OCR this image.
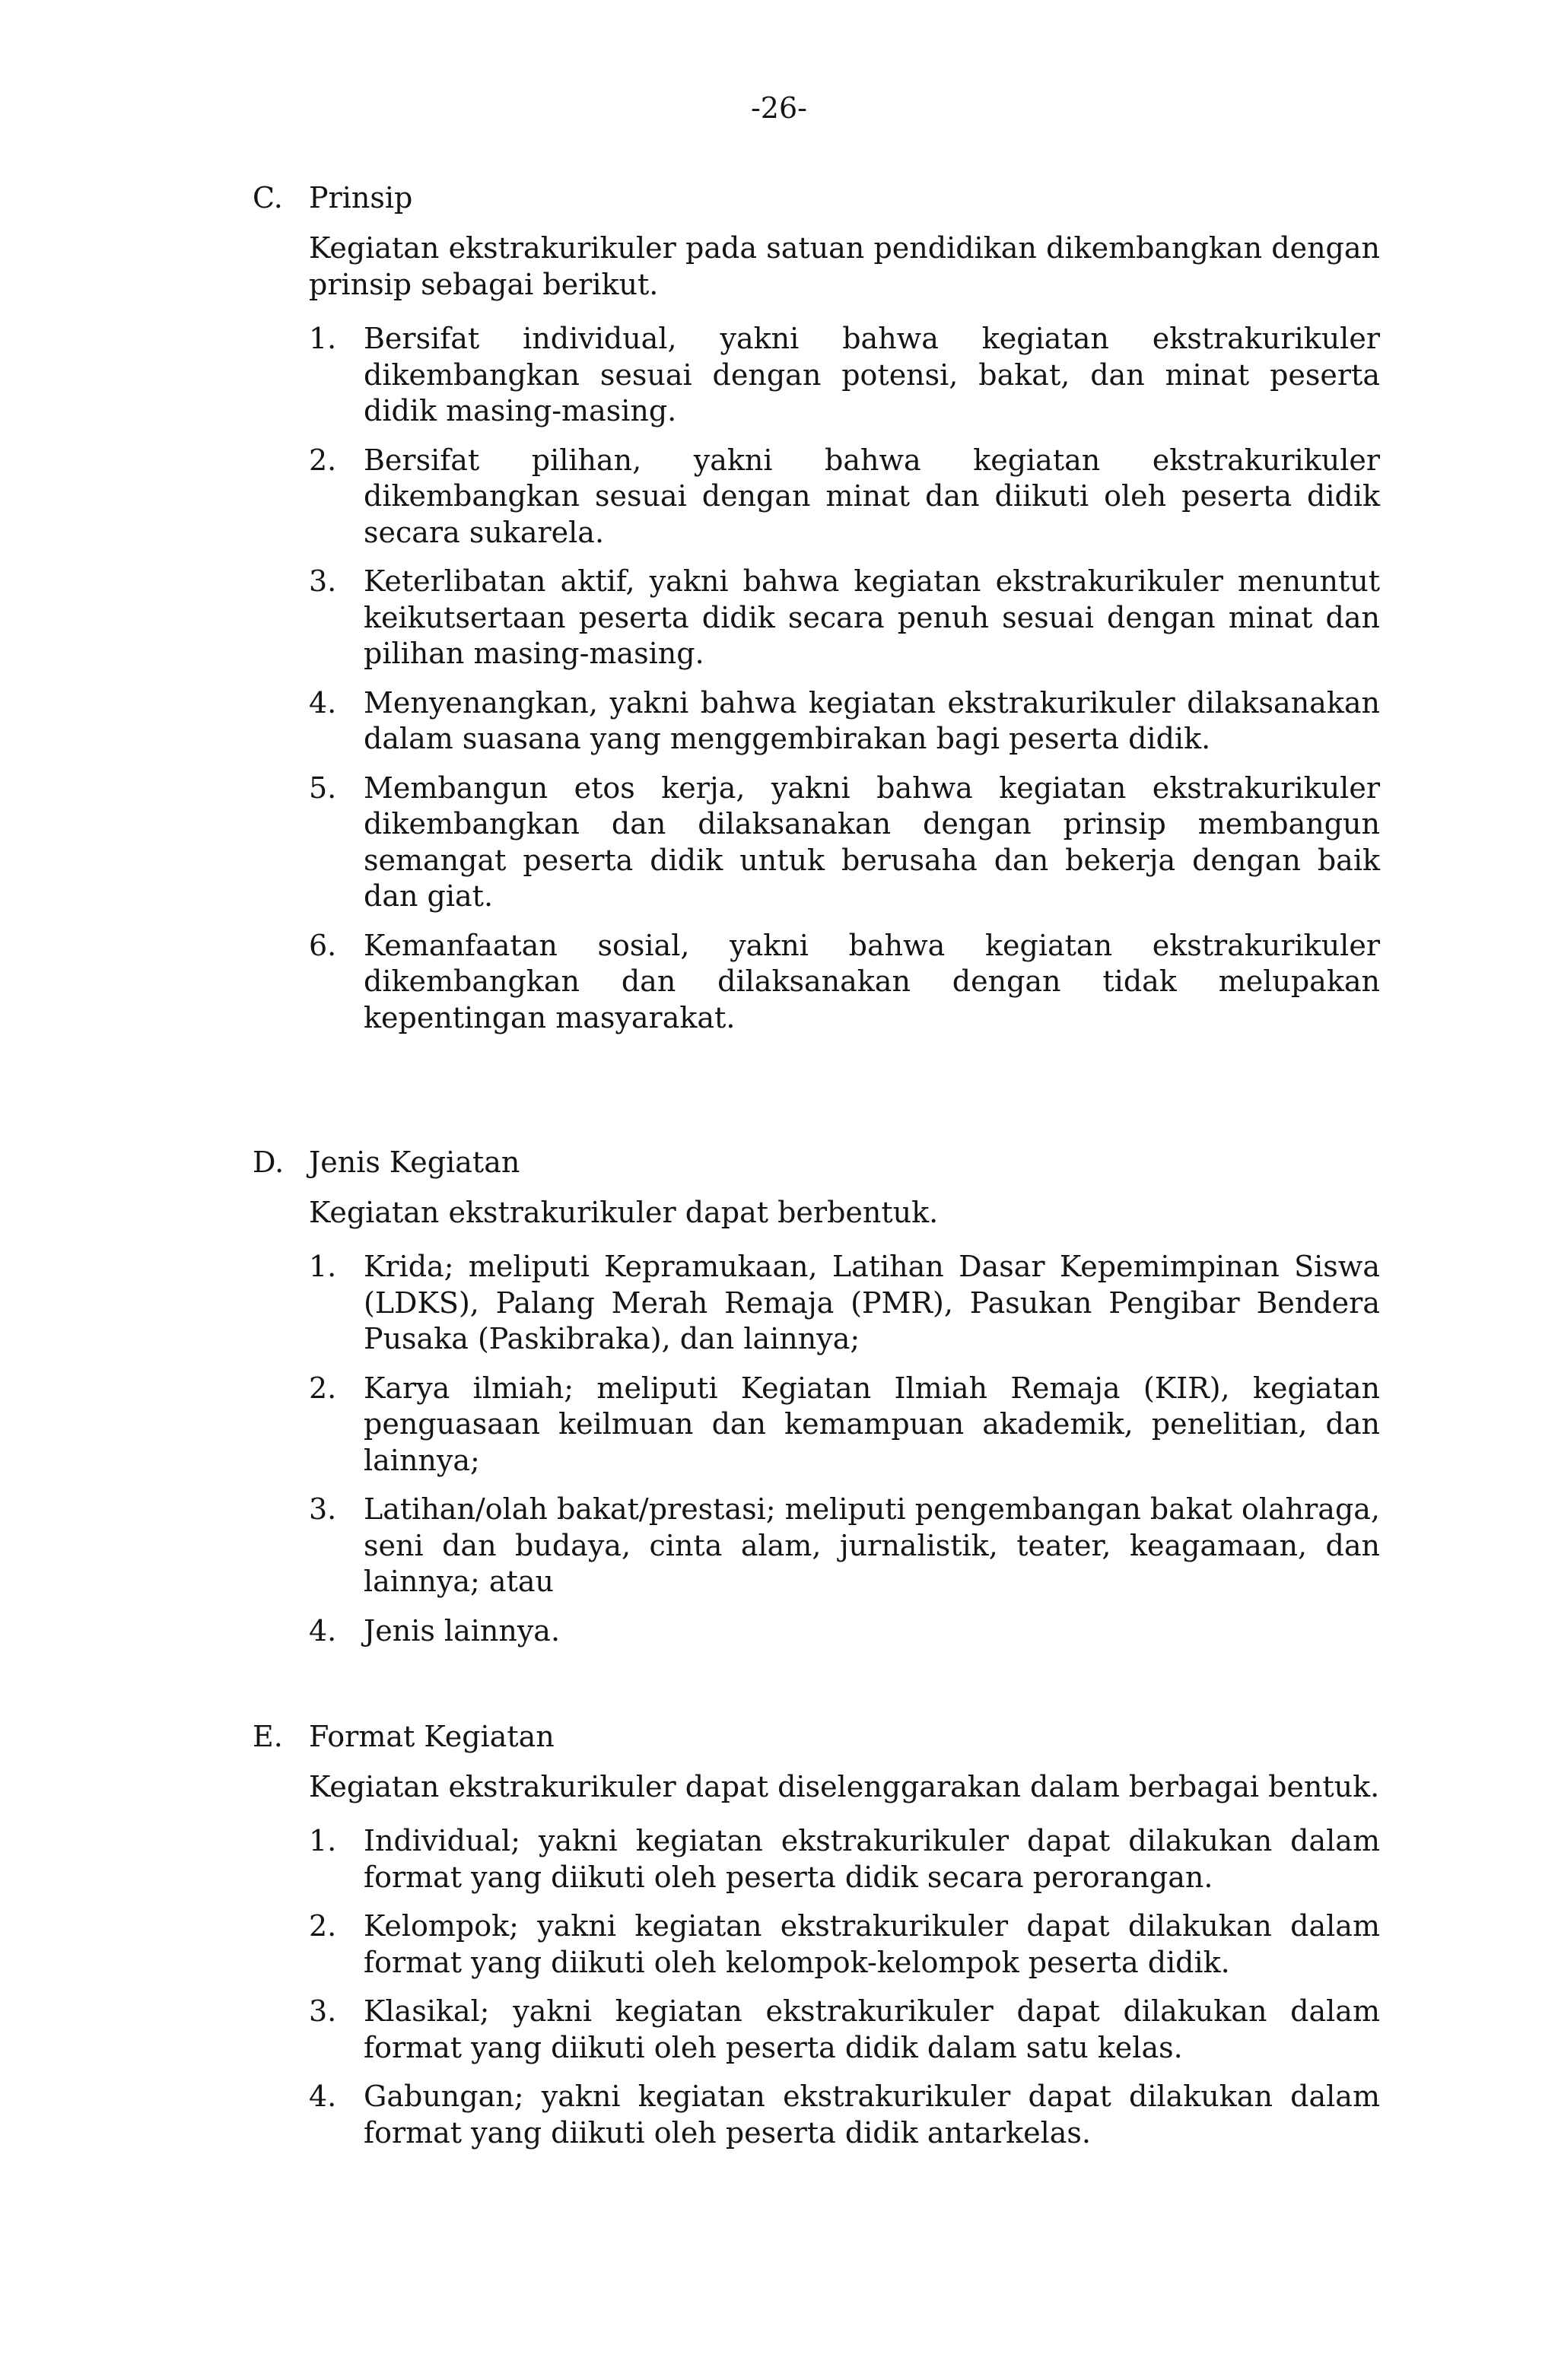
-26-
C. Prinsip
Kegiatan ekstrakurikuler pada satuan pendidikan dikembangkan dengan prinsip sebagai berikut.
1. Bersifat individual, yakni bahwa kegiatan ekstrakurikuler dikembangkan sesuai dengan potensi, bakat, dan minat peserta didik masing-masing.
2. Bersifat pilihan, yakni bahwa kegiatan ekstrakurikuler dikembangkan sesuai dengan minat dan diikuti oleh peserta didik secara sukarela.
3. Keterlibatan aktif, yakni bahwa kegiatan ekstrakurikuler menuntut keikutsertaan peserta didik secara penuh sesuai dengan minat dan pilihan masing-masing.
4. Menyenangkan, yakni bahwa kegiatan ekstrakurikuler dilaksanakan dalam suasana yang menggembirakan bagi peserta didik.
5. Membangun etos kerja, yakni bahwa kegiatan ekstrakurikuler dikembangkan dan dilaksanakan dengan prinsip membangun semangat peserta didik untuk berusaha dan bekerja dengan baik dan giat.
6. Kemanfaatan sosial, yakni bahwa kegiatan ekstrakurikuler dikembangkan dan dilaksanakan dengan tidak melupakan kepentingan masyarakat.
D. Jenis Kegiatan
Kegiatan ekstrakurikuler dapat berbentuk.
1. Krida; meliputi Kepramukaan, Latihan Dasar Kepemimpinan Siswa (LDKS), Palang Merah Remaja (PMR), Pasukan Pengibar Bendera Pusaka (Paskibraka), dan lainnya;
2. Karya ilmiah; meliputi Kegiatan Ilmiah Remaja (KIR), kegiatan penguasaan keilmuan dan kemampuan akademik, penelitian, dan lainnya;
3. Latihan/olah bakat/prestasi; meliputi pengembangan bakat olahraga, seni dan budaya, cinta alam, jurnalistik, teater, keagamaan, dan lainnya; atau
4. Jenis lainnya.
E. Format Kegiatan
Kegiatan ekstrakurikuler dapat diselenggarakan dalam berbagai bentuk.
1. Individual; yakni kegiatan ekstrakurikuler dapat dilakukan dalam format yang diikuti oleh peserta didik secara perorangan.
2. Kelompok; yakni kegiatan ekstrakurikuler dapat dilakukan dalam format yang diikuti oleh kelompok-kelompok peserta didik.
3. Klasikal; yakni kegiatan ekstrakurikuler dapat dilakukan dalam format yang diikuti oleh peserta didik dalam satu kelas.
4. Gabungan; yakni kegiatan ekstrakurikuler dapat dilakukan dalam format yang diikuti oleh peserta didik antarkelas.
